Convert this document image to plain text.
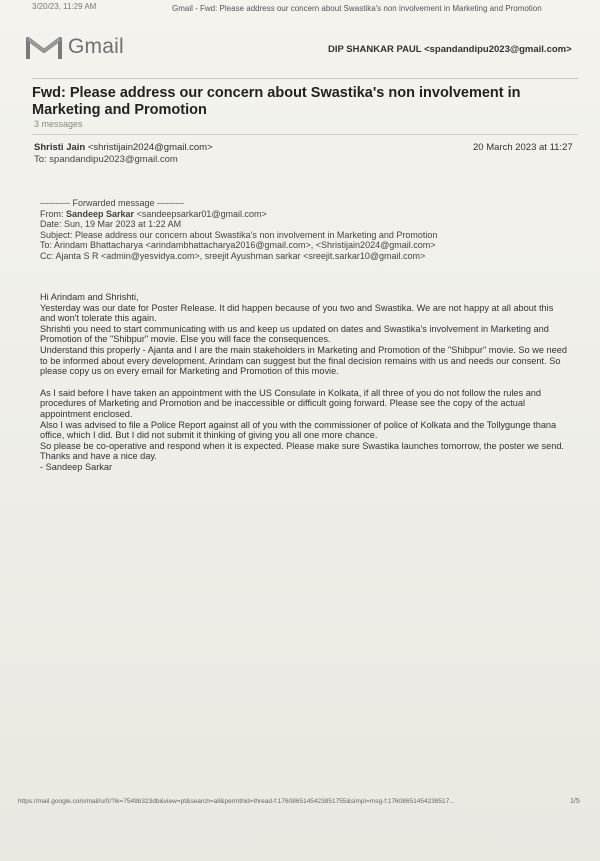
3/20/23, 11:29 AM	Gmail - Fwd: Please address our concern about Swastika's non involvement in Marketing and Promotion
Gmail	DIP SHANKAR PAUL <spandandipu2023@gmail.com>
Fwd: Please address our concern about Swastika's non involvement in Marketing and Promotion
3 messages
Shristi Jain <shristijain2024@gmail.com>	20 March 2023 at 11:27
To: spandandipu2023@gmail.com
---------- Forwarded message ---------
From: Sandeep Sarkar <sandeepsarkar01@gmail.com>
Date: Sun, 19 Mar 2023 at 1:22 AM
Subject: Please address our concern about Swastika's non involvement in Marketing and Promotion
To: Arindam Bhattacharya <arindambhattacharya2016@gmail.com>, <Shristijain2024@gmail.com>
Cc: Ajanta S R <admin@yesvidya.com>, sreejit Ayushman sarkar <sreejit.sarkar10@gmail.com>

Hi Arindam and Shrishti,

Yesterday was our date for Poster Release. It did happen because of you two and Swastika. We are not happy at all about this and won't tolerate this again.

Shrishti you need to start communicating with us and keep us updated on dates and Swastika's involvement in Marketing and Promotion of the "Shibpur" movie. Else you will face the consequences.

Understand this properly - Ajanta and I are the main stakeholders in Marketing and Promotion of the "Shibpur" movie. So we need to be informed about every development. Arindam can suggest but the final decision remains with us and needs our consent. So please copy us on every email for Marketing and Promotion of this movie.

As I said before I have taken an appointment with the US Consulate in Kolkata, if all three of you do not follow the rules and procedures of Marketing and Promotion and be inaccessible or difficult going forward. Please see the copy of the actual appointment enclosed.

Also I was advised to file a Police Report against all of you with the commissioner of police of Kolkata and the Tollygunge thana office, which I did. But I did not submit it thinking of giving you all one more chance.

So please be co-operative and respond when it is expected. Please make sure Swastika launches tomorrow, the poster we send.

Thanks and have a nice day.

- Sandeep Sarkar

https://mail.google.com/mail/u/0/?ik=7549b323db&view=pt&search=all&permthid=thread-f:1760865145423851755&simpl=msg-f:17608651454238517...	1/5
